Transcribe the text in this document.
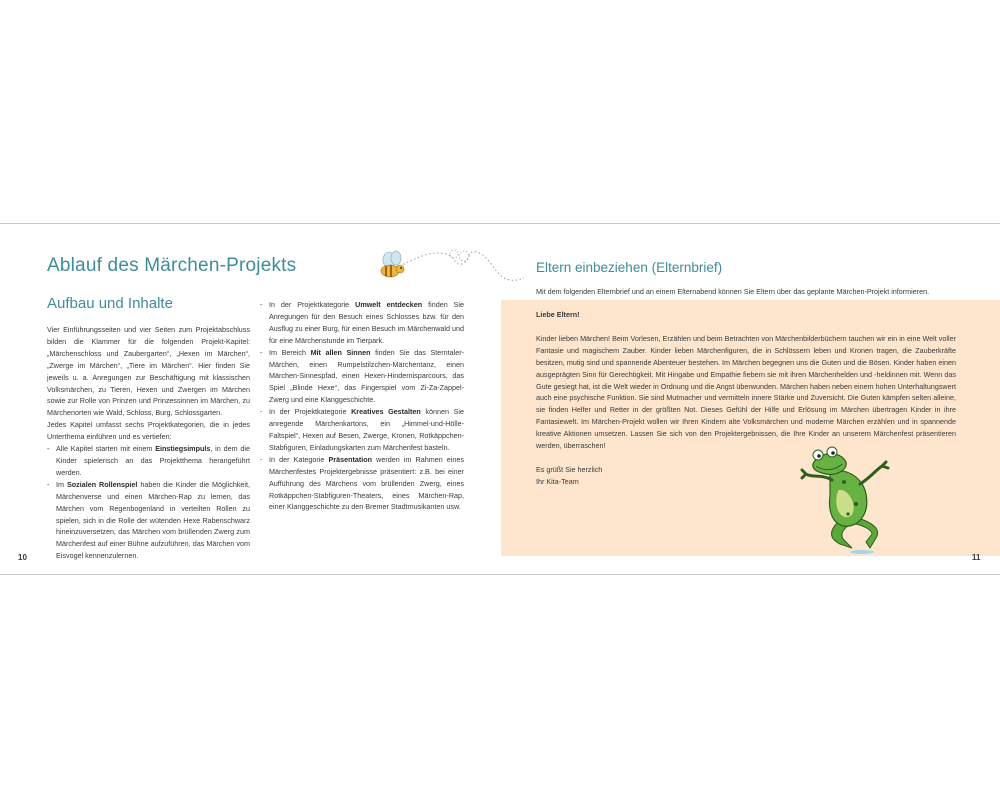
Ablauf des Märchen-Projekts
Aufbau und Inhalte

Vier Einführungsseiten und vier Seiten zum Projektabschluss bilden die Klammer für die folgenden Projekt-Kapitel: „Märchenschloss und Zaubergarten“, „Hexen im Märchen“, „Zwerge im Märchen“, „Tiere im Märchen“. Hier finden Sie jeweils u. a. Anregungen zur Beschäftigung mit klassischen Volksmärchen, zu Tieren, Hexen und Zwergen im Märchen sowie zur Rolle von Prinzen und Prinzessinnen im Märchen, zu Märchenorten wie Wald, Schloss, Burg, Schlossgarten.

Jedes Kapitel umfasst sechs Projektkategorien, die in jedes Unterthema einführen und es vertiefen:

- Alle Kapitel starten mit einem Einstiegsimpuls, in dem die Kinder spielerisch an das Projektthema herangeführt werden.
- Im Sozialen Rollenspiel haben die Kinder die Möglichkeit, Märchenverse und einen Märchen-Rap zu lernen, das Märchen vom Regenbogenland in verteilten Rollen zu spielen, sich in die Rolle der wütenden Hexe Rabenschwarz hineinzuversetzen, das Märchen vom brüllenden Zwerg zum Märchenfest auf einer Bühne aufzuführen, das Märchen vom Eisvogel kennenzulernen.
- In der Projektkategorie Umwelt entdecken finden Sie Anregungen für den Besuch eines Schlosses bzw. für den Ausflug zu einer Burg, für einen Besuch im Märchenwald und für eine Märchenstunde im Tierpark.
- Im Bereich Mit allen Sinnen finden Sie das Sterntaler-Märchen, einen Rumpelstilzchen-Märchentanz, einen Märchen-Sinnespfad, einen Hexen-Hindernisparcours, das Spiel „Blinde Hexe“, das Fingerspiel vom Zi-Za-Zappel-Zwerg und eine Klanggeschichte.
- In der Projektkategorie Kreatives Gestalten können Sie anregende Märchenkartons, ein „Himmel-und-Hölle-Faltspiel“, Hexen auf Besen, Zwerge, Kronen, Rotkäppchen-Stabfiguren, Einladungskarten zum Märchenfest basteln.
- In der Kategorie Präsentation werden im Rahmen eines Märchenfestes Projektergebnisse präsentiert: z.B. bei einer Aufführung des Märchens vom brüllenden Zwerg, eines Rotkäppchen-Stabfiguren-Theaters, eines Märchen-Rap, einer Klanggeschichte zu den Bremer Stadtmusikanten usw.
10
Eltern einbeziehen (Elternbrief)

Mit dem folgenden Elternbrief und an einem Elternabend können Sie Eltern über das geplante Märchen-Projekt informieren.

Liebe Eltern!

Kinder lieben Märchen! Beim Vorlesen, Erzählen und beim Betrachten von Märchenbilderbüchern tauchen wir ein in eine Welt voller Fantasie und magischem Zauber. Kinder lieben Märchenfiguren, die in Schlössern leben und Kronen tragen, die Zauberkräfte besitzen, mutig sind und spannende Abenteuer bestehen. Im Märchen begegnen uns die Guten und die Bösen. Kinder haben einen ausgeprägten Sinn für Gerechtigkeit. Mit Hingabe und Empathie fiebern sie mit ihren Märchenhelden und -heldinnen mit. Wenn das Gute gesiegt hat, ist die Welt wieder in Ordnung und die Angst überwunden. Märchen haben neben einem hohen Unterhaltungswert auch eine psychische Funktion. Sie sind Mutmacher und vermitteln innere Stärke und Zuversicht. Die Guten kämpfen selten alleine, sie finden Helfer und Retter in der größten Not. Dieses Gefühl der Hilfe und Erlösung im Märchen übertragen Kinder in ihre Fantasiewelt. Im Märchen-Projekt wollen wir Ihren Kindern alte Volksmärchen und moderne Märchen erzählen und in spannende kreative Aktionen umsetzen. Lassen Sie sich von den Projektergebnissen, die Ihre Kinder an unserem Märchenfest präsentieren werden, überraschen!

Es grüßt Sie herzlich

Ihr Kita-Team

11
